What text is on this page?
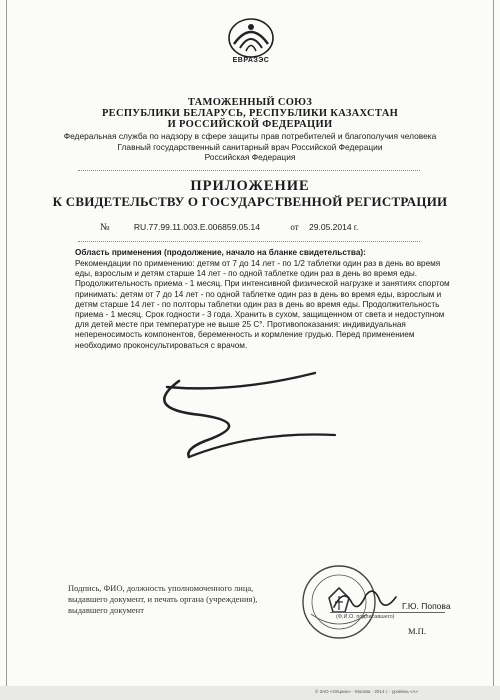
ЕВРАЗЭС
ТАМОЖЕННЫЙ СОЮЗ
РЕСПУБЛИКИ БЕЛАРУСЬ, РЕСПУБЛИКИ КАЗАХСТАН
И РОССИЙСКОЙ ФЕДЕРАЦИИ
Федеральная служба по надзору в сфере защиты прав потребителей и благополучия человека
Главный государственный санитарный врач Российской Федерации
Российская Федерация
ПРИЛОЖЕНИЕ
К СВИДЕТЕЛЬСТВУ О ГОСУДАРСТВЕННОЙ РЕГИСТРАЦИИ
№	RU.77.99.11.003.E.006859.05.14	от 29.05.2014 г.
Область применения (продолжение, начало на бланке свидетельства):
Рекомендации по применению: детям от 7 до 14 лет - по 1/2 таблетки один раз в день во время еды, взрослым и детям старше 14 лет - по одной таблетке один раз в день во время еды. Продолжительность приема - 1 месяц. При интенсивной физической нагрузке и занятиях спортом принимать: детям от 7 до 14 лет - по одной таблетке один раз в день во время еды, взрослым и детям старше 14 лет - по полторы таблетки один раз в день во время еды. Продолжительность приема - 1 месяц. Срок годности - 3 года. Хранить в сухом, защищенном от света и недоступном для детей месте при температуре не выше 25 С°. Противопоказания: индивидуальная непереносимость компонентов, беременность и кормление грудью. Перед применением необходимо проконсультироваться с врачом.
Подпись, ФИО, должность уполномоченного лица, выдавшего документ, и печать органа (учреждения), выдавшего документ	Г.Ю. Попова
(Ф.И.О. подписавшего)
М.П.
© ЗАО «Опцион» · Москва · 2014 г. · уровень «А»
